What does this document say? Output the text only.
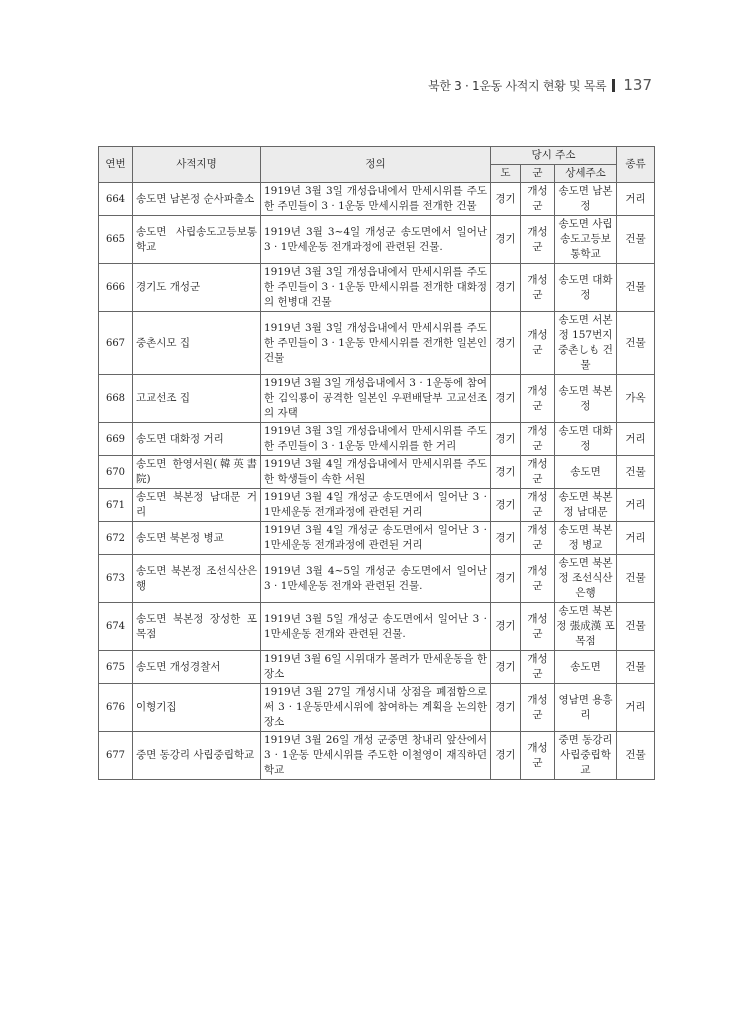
북한 3 · 1운동 사적지 현황 및 목록 137
연번	사적지명	정의	당시 주소			종류
			도	군	상세주소	
664	송도면 남본정 순사파출소	1919년 3월 3일 개성읍내에서 만세시위를 주도한 주민들이 3 · 1운동 만세시위를 전개한 건물	경기	개성군	송도면 남본정	거리
665	송도면 사립송도고등보통학교	1919년 3월 3~4일 개성군 송도면에서 일어난 3 · 1만세운동 전개과정에 관련된 건물.	경기	개성군	송도면 사립송도고등보통학교	건물
666	경기도 개성군	1919년 3월 3일 개성읍내에서 만세시위를 주도한 주민들이 3 · 1운동 만세시위를 전개한 대화정의 헌병대 건물	경기	개성군	송도면 대화정	건물
667	중촌시모 집	1919년 3월 3일 개성읍내에서 만세시위를 주도한 주민들이 3 · 1운동 만세시위를 전개한 일본인 건물	경기	개성군	송도면 서본정 157번지 중촌しも 건물	건물
668	고교선조 집	1919년 3월 3일 개성읍내에서 3 · 1운동에 참여한 김익룡이 공격한 일본인 우편배달부 고교선조의 자택	경기	개성군	송도면 북본정	가옥
669	송도면 대화정 거리	1919년 3월 3일 개성읍내에서 만세시위를 주도한 주민들이 3 · 1운동 만세시위를 한 거리	경기	개성군	송도면 대화정	거리
670	송도면 한영서원(韓英書院)	1919년 3월 4일 개성읍내에서 만세시위를 주도한 학생들이 속한 서원	경기	개성군	송도면	건물
671	송도면 북본정 남대문 거리	1919년 3월 4일 개성군 송도면에서 일어난 3 · 1만세운동 전개과정에 관련된 거리	경기	개성군	송도면 북본정 남대문	거리
672	송도면 북본정 병교	1919년 3월 4일 개성군 송도면에서 일어난 3 · 1만세운동 전개과정에 관련된 거리	경기	개성군	송도면 북본정 병교	거리
673	송도면 북본정 조선식산은행	1919년 3월 4~5일 개성군 송도면에서 일어난 3 · 1만세운동 전개와 관련된 건물.	경기	개성군	송도면 북본정 조선식산은행	건물
674	송도면 북본정 장성한 포목점	1919년 3월 5일 개성군 송도면에서 일어난 3 · 1만세운동 전개와 관련된 건물.	경기	개성군	송도면 북본정 張成漢 포목점	건물
675	송도면 개성경찰서	1919년 3월 6일 시위대가 몰려가 만세운동을 한 장소	경기	개성군	송도면	건물
676	이형기집	1919년 3월 27일 개성시내 상점을 폐점함으로써 3 · 1운동만세시위에 참여하는 계획을 논의한 장소	경기	개성군	영남면 용흥리	거리
677	중면 동강리 사립중립학교	1919년 3월 26일 개성 군중면 창내리 앞산에서 3 · 1운동 만세시위를 주도한 이철영이 재직하던 학교	경기	개성군	중면 동강리 사립중립학교	건물
